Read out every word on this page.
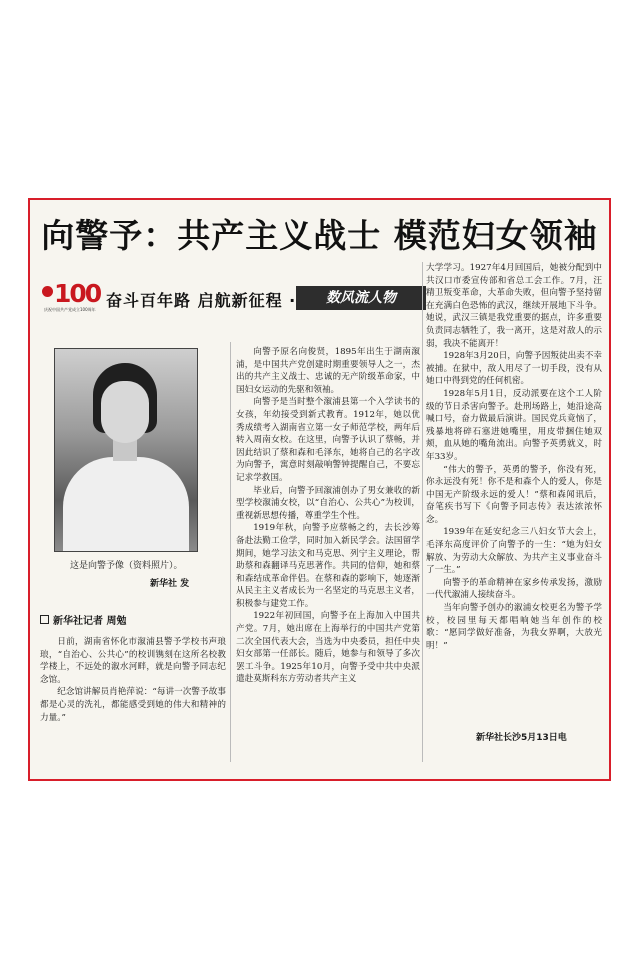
向警予：共产主义战士 模范妇女领袖
100
庆祝中国共产党成立100周年 奋斗百年路 启航新征程 ·	数风流人物
这是向警予像（资料照片）。
新华社 发
新华社记者 周勉

日前，湖南省怀化市溆浦县警予学校书声琅琅，“自治心、公共心”的校训镌刻在这所名校教学楼上，不远处的溆水河畔，就是向警予同志纪念馆。

纪念馆讲解员肖艳萍说：“每讲一次警予故事都是心灵的洗礼，都能感受到她的伟大和精神的力量。”

向警予原名向俊贤，1895年出生于湖南溆浦，是中国共产党创建时期重要领导人之一，杰出的共产主义战士、忠诚的无产阶级革命家，中国妇女运动的先驱和领袖。

向警予是当时整个溆浦县第一个入学读书的女孩，年幼接受到新式教育。1912年，她以优秀成绩考入湖南省立第一女子师范学校，两年后转入周南女校。在这里，向警予认识了蔡畅，并因此结识了蔡和森和毛泽东，她将自己的名字改为向警予，寓意时刻敲响警钟提醒自己，不要忘记求学救国。

毕业后，向警予回溆浦创办了男女兼收的新型学校溆浦女校，以“自治心、公共心”为校训，重视新思想传播，尊重学生个性。

1919年秋，向警予应蔡畅之约，去长沙筹备赴法勤工俭学，同时加入新民学会。法国留学期间，她学习法文和马克思、列宁主义理论，帮助蔡和森翻译马克思著作。共同的信仰，她和蔡和森结成革命伴侣。在蔡和森的影响下，她逐渐从民主主义者成长为一名坚定的马克思主义者，积极参与建党工作。

1922年初回国，向警予在上海加入中国共产党。7月，她出席在上海举行的中国共产党第二次全国代表大会，当选为中央委员，担任中央妇女部第一任部长。随后，她参与和领导了多次罢工斗争。1925年10月，向警予受中共中央派遣赴莫斯科东方劳动者共产主义

大学学习。1927年4月回国后，她被分配到中共汉口市委宣传部和省总工会工作。7月，汪精卫叛变革命，大革命失败，但向警予坚持留在充满白色恐怖的武汉，继续开展地下斗争。她说，武汉三镇是我党重要的据点，许多重要负责同志牺牲了，我一离开，这是对敌人的示弱，我决不能离开！

1928年3月20日，向警予因叛徒出卖不幸被捕。在狱中，敌人用尽了一切手段，没有从她口中得到党的任何机密。

1928年5月1日，反动派要在这个工人阶级的节日杀害向警予。赴刑场路上，她沿途高喊口号，奋力做最后演讲。国民党兵竟恼了，残暴地将碎石塞进她嘴里，用皮带捆住她双颊，血从她的嘴角流出。向警予英勇就义，时年33岁。

“伟大的警予，英勇的警予，你没有死，你永远没有死！你不是和森个人的爱人，你是中国无产阶级永远的爱人！”蔡和森闻讯后，奋笔疾书写下《向警予同志传》表达浓浓怀念。

1939年在延安纪念三八妇女节大会上，毛泽东高度评价了向警予的一生：“她为妇女解放、为劳动大众解放、为共产主义事业奋斗了一生。”

向警予的革命精神在家乡传承发扬，激励一代代溆浦人接续奋斗。

当年向警予创办的溆浦女校更名为警予学校，校园里每天都唱响她当年创作的校歌：“愿同学做好准备，为我女界啊，大放光明！”

新华社长沙5月13日电
